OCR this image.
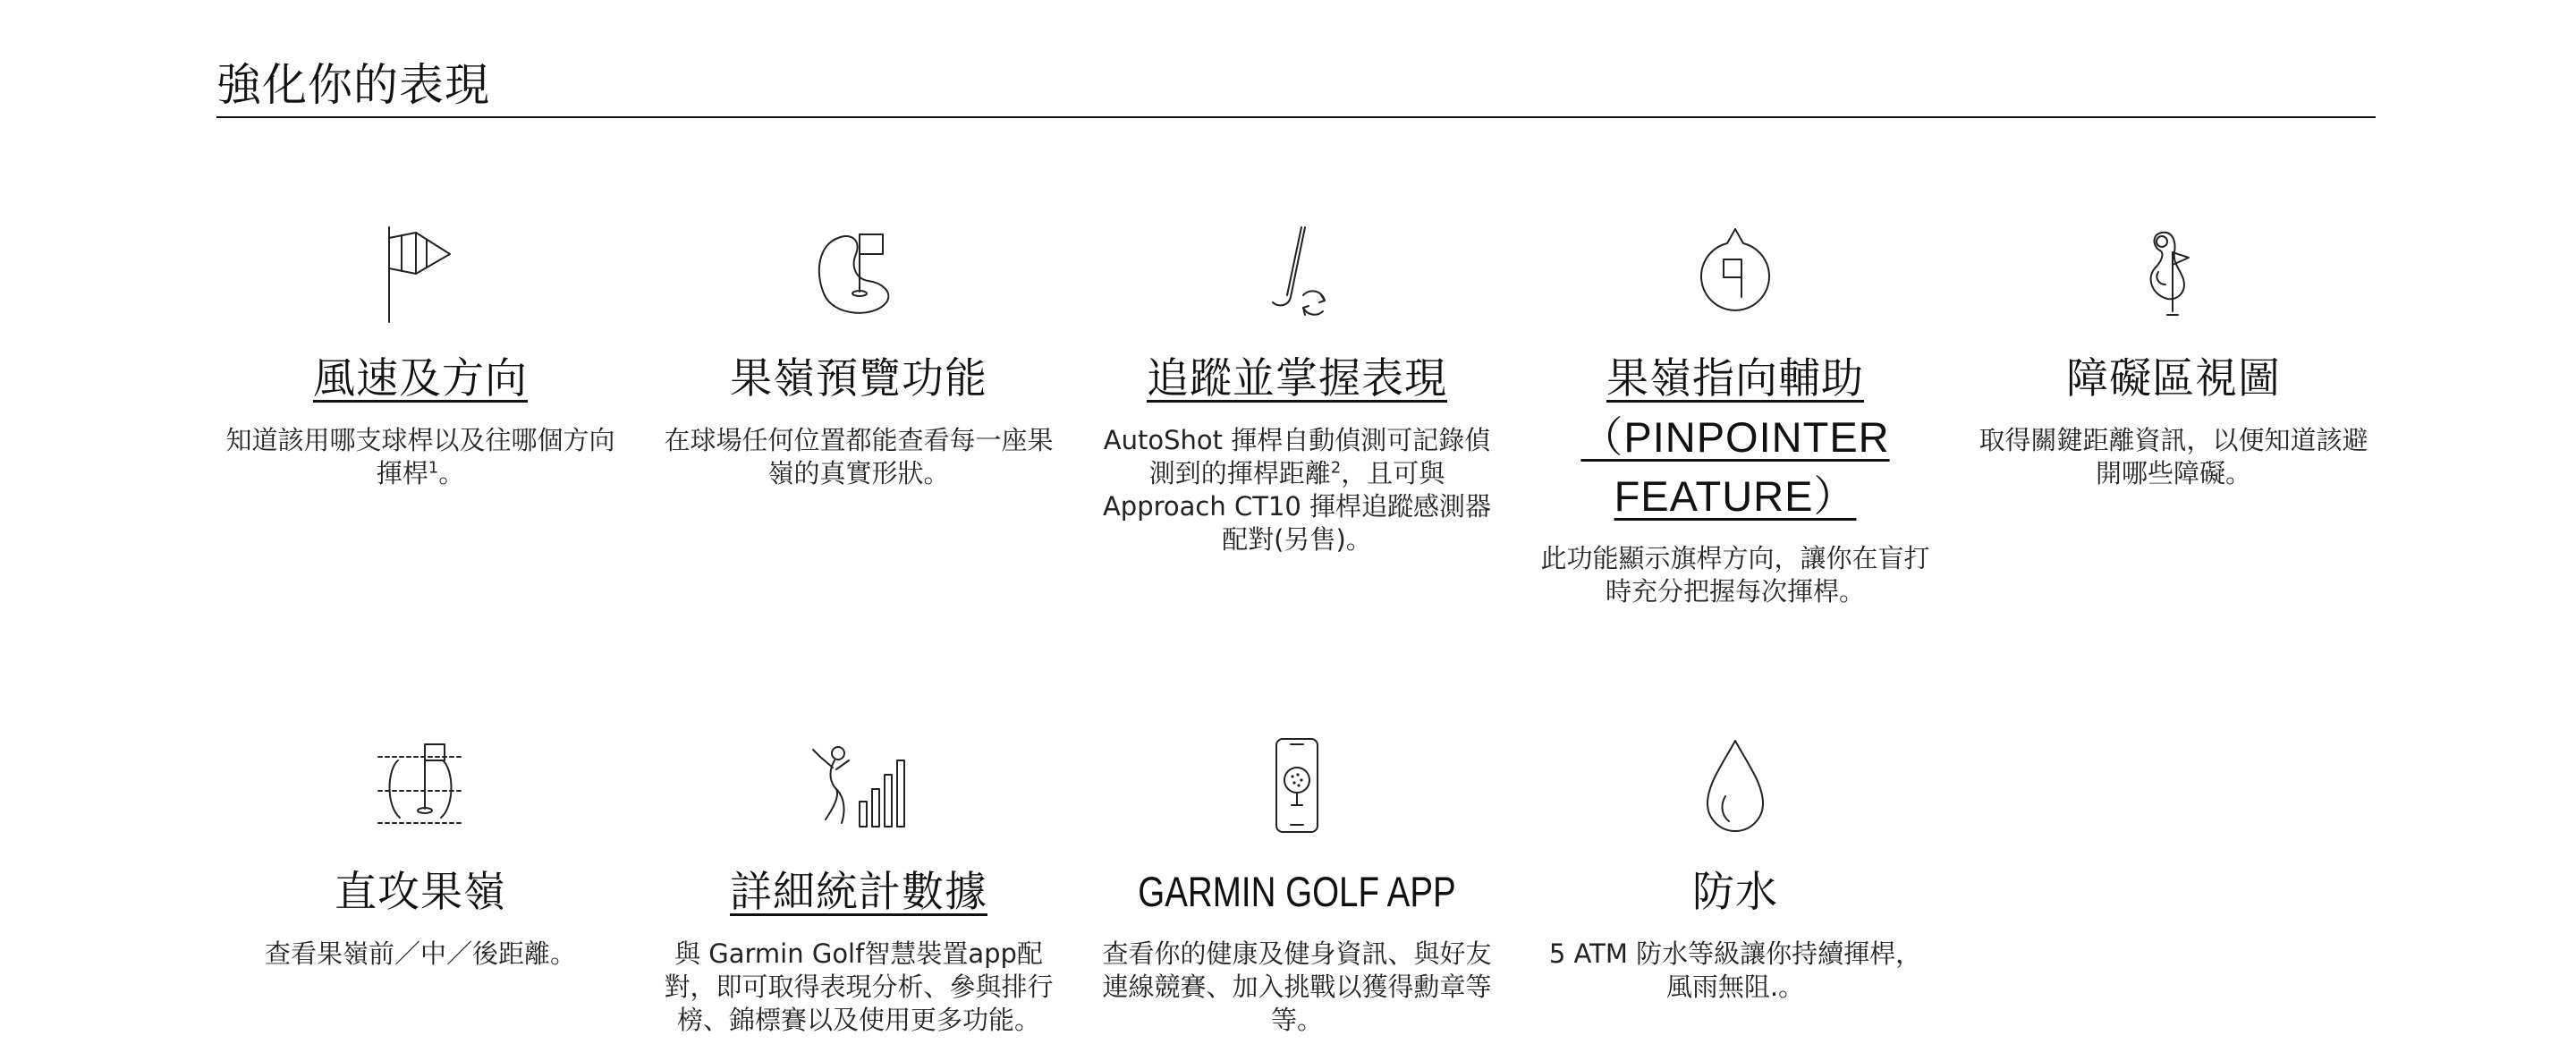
強化你的表現
風速及方向

知道該用哪支球桿以及往哪個方向揮桿$^1$。

果嶺預覽功能

在球場任何位置都能查看每一座果嶺的真實形狀。

追蹤並掌握表現

AutoShot 揮桿自動偵測可記錄偵測到的揮桿距離$^2$，且可與 Approach CT10 揮桿追蹤感測器配對(另售)。

果嶺指向輔助（PINPOINTER FEATURE）

此功能顯示旗桿方向，讓你在盲打時充分把握每次揮桿。

障礙區視圖

取得關鍵距離資訊，以便知道該避開哪些障礙。

直攻果嶺

查看果嶺前／中／後距離。

詳細統計數據

與 Garmin Golf智慧裝置app配對，即可取得表現分析、參與排行榜、錦標賽以及使用更多功能。

GARMIN GOLF APP

查看你的健康及健身資訊、與好友連線競賽、加入挑戰以獲得勳章等等。

防水

5 ATM 防水等級讓你持續揮桿，風雨無阻.。
